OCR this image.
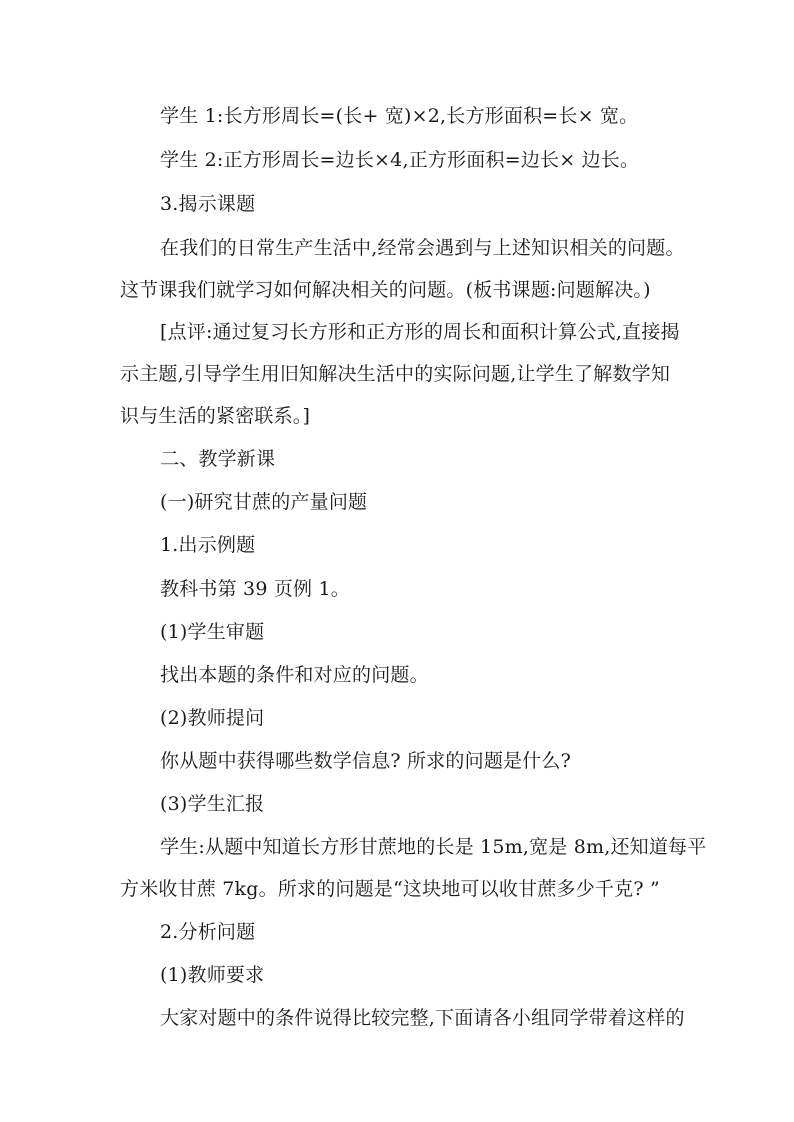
学生 1:长方形周长=(长+ 宽)×2,长方形面积=长× 宽。

学生 2:正方形周长=边长×4,正方形面积=边长× 边长。

3.揭示课题

在我们的日常生产生活中,经常会遇到与上述知识相关的问题。

这节课我们就学习如何解决相关的问题。(板书课题:问题解决。)

[点评:通过复习长方形和正方形的周长和面积计算公式,直接揭

示主题,引导学生用旧知解决生活中的实际问题,让学生了解数学知

识与生活的紧密联系。]

二、教学新课

(一)研究甘蔗的产量问题

1.出示例题

教科书第 39 页例 1。

(1)学生审题

找出本题的条件和对应的问题。

(2)教师提问

你从题中获得哪些数学信息? 所求的问题是什么?

(3)学生汇报

学生:从题中知道长方形甘蔗地的长是 15m,宽是 8m,还知道每平

方米收甘蔗 7kg。所求的问题是“这块地可以收甘蔗多少千克? ”

2.分析问题

(1)教师要求

大家对题中的条件说得比较完整,下面请各小组同学带着这样的
